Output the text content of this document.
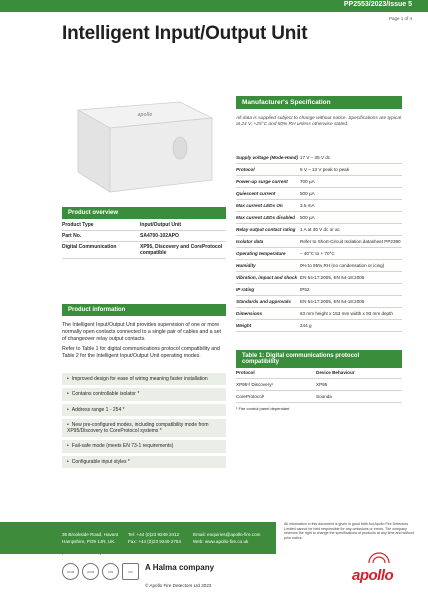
PP2553/2023/Issue 5
Page 1 of 4
Intelligent Input/Output Unit
apollo
Product overview
Product Type	Input/Output Unit
Part No.	SA4700-102APO
Digital Communication	XP95, Discovery and CoreProtocol compatible
Product information

The Intelligent Input/Output Unit provides supervision of one or more normally open contacts connected to a single pair of cables and a set of changeover relay output contacts.

Refer to Table 1 for digital communications protocol compatibility and Table 2 for the Intelligent Input/Output Unit operating modes.

• Improved design for ease of wiring meaning faster installation
• Contains controllable isolator *
• Address range 1 - 254 *
• New pre-configured modes, including compatibility mode from XP95/Discovery to CoreProtocol systems *
• Fail-safe mode (meets EN 73-1 requirements)
• Configurable input styles *
Manufacturer's Specification
All data is supplied subject to change without notice. Specifications are typical at 24 V, +25°C and 50% RH unless otherwise stated.
Supply voltage (Mode-Hand) 17 V – 35 V dc
Protocol	5 V – 13 V peak to peak
Power-up surge current	700 µA
Quiescent current	500 µA
Max current LEDs On	3.5 mA
Max current LEDs disabled	500 µA
Relay output contact rating 1 A at 30 V dc or ac
Isolator data	Refer to Short-Circuit Isolation datasheet PP2390
Operating temperature	– 40°C to + 70°C
Humidity	0% to 95% RH (no condensation or icing)
Vibration, impact and shock EN 54-17:2005, EN 54-18:2005
IP rating	IP52
Standards and approvals	EN 54-17:2005, EN 54-18:2005
Dimensions	63 mm height x 153 mm width x 93 mm depth
Weight	244 g
Table 1: Digital communications protocol compatibility
Protocol	Device Behaviour
XP95¹/ Discovery¹	XP95
CoreProtocol¹	Sounda
¹ Fire control panel dependant
36 Brookside Road, Havant
Hampshire, PO9 1JR, UK.
Tel: +44 (0)23 9249 2412
Fax: +44 (0)23 9249 2754
Email: enquiries@apollo-fire.com
Web: www.apollo-fire.co.uk
All information in this document is given in good faith but Apollo Fire Detectors Limited cannot be held responsible for any omissions or errors. The company reserves the right to change the specifications of products at any time and without prior notice.
LPCB	LPCB	VdS	FM	A Halma company
© Apollo Fire Detectors Ltd 2023
apollo
